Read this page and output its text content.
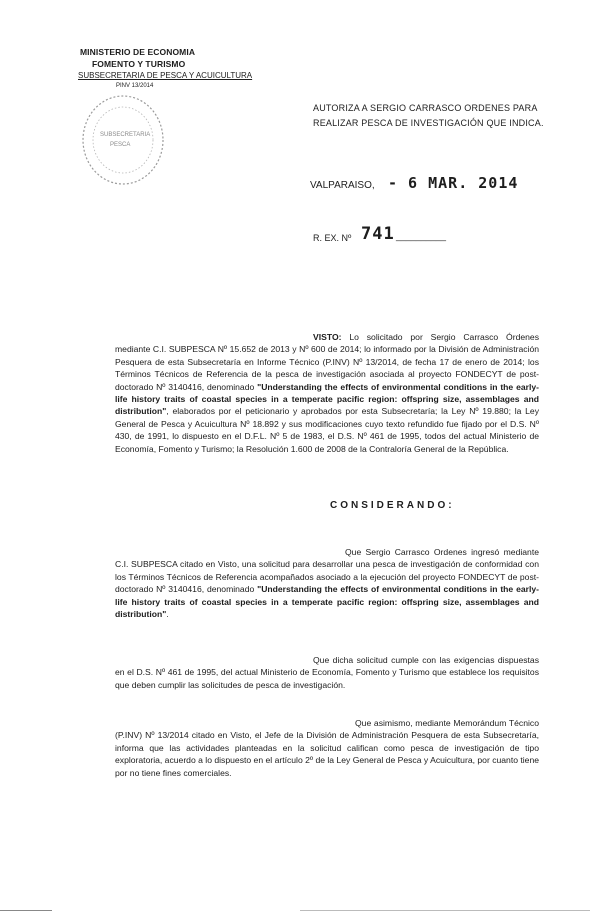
MINISTERIO DE ECONOMIA
FOMENTO Y TURISMO
SUBSECRETARIA DE PESCA Y ACUICULTURA
PINV 13/2014
SUBSECRETARIA
PESCA
AUTORIZA A SERGIO CARRASCO ORDENES PARA
REALIZAR PESCA DE INVESTIGACIÓN QUE INDICA.
VALPARAISO, - 6 MAR. 2014
R. EX. Nº 741 __________
VISTO: Lo solicitado por Sergio Carrasco Órdenes mediante C.I. SUBPESCA Nº 15.652 de 2013 y Nº 600 de 2014; lo informado por la División de Administración Pesquera de esta Subsecretaría en Informe Técnico (P.INV) Nº 13/2014, de fecha 17 de enero de 2014; los Términos Técnicos de Referencia de la pesca de investigación asociada al proyecto FONDECYT de post-doctorado Nº 3140416, denominado "Understanding the effects of environmental conditions in the early-life history traits of coastal species in a temperate pacific region: offspring size, assemblages and distribution", elaborados por el peticionario y aprobados por esta Subsecretaría; la Ley Nº 19.880; la Ley General de Pesca y Acuicultura Nº 18.892 y sus modificaciones cuyo texto refundido fue fijado por el D.S. Nº 430, de 1991, lo dispuesto en el D.F.L. Nº 5 de 1983, el D.S. Nº 461 de 1995, todos del actual Ministerio de Economía, Fomento y Turismo; la Resolución 1.600 de 2008 de la Contraloría General de la República.
CONSIDERANDO:
Que Sergio Carrasco Ordenes ingresó mediante C.I. SUBPESCA citado en Visto, una solicitud para desarrollar una pesca de investigación de conformidad con los Términos Técnicos de Referencia acompañados asociado a la ejecución del proyecto FONDECYT de post-doctorado Nº 3140416, denominado "Understanding the effects of environmental conditions in the early-life history traits of coastal species in a temperate pacific region: offspring size, assemblages and distribution".
Que dicha solicitud cumple con las exigencias dispuestas en el D.S. Nº 461 de 1995, del actual Ministerio de Economía, Fomento y Turismo que establece los requisitos que deben cumplir las solicitudes de pesca de investigación.
Que asimismo, mediante Memorándum Técnico (P.INV) Nº 13/2014 citado en Visto, el Jefe de la División de Administración Pesquera de esta Subsecretaría, informa que las actividades planteadas en la solicitud califican como pesca de investigación de tipo exploratoria, acuerdo a lo dispuesto en el artículo 2º de la Ley General de Pesca y Acuicultura, por cuanto tiene por no tiene fines comerciales.
